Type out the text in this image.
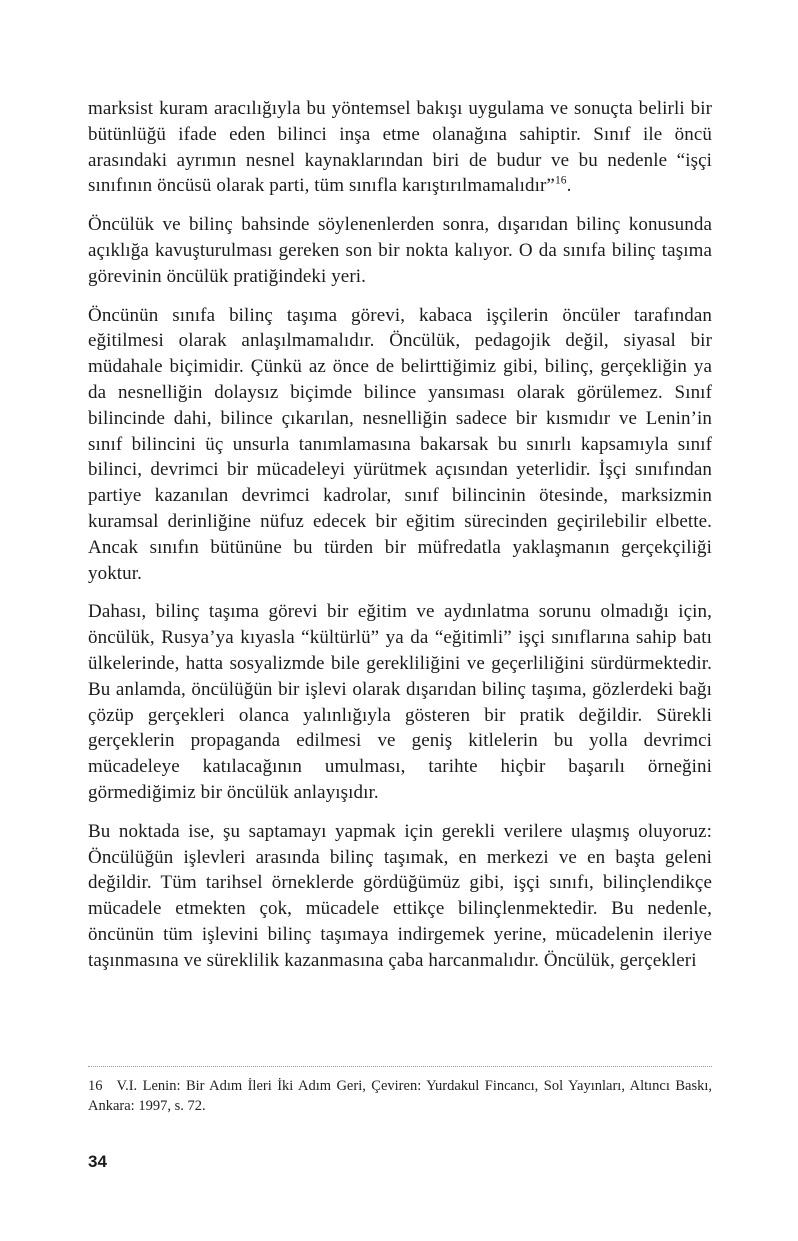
marksist kuram aracılığıyla bu yöntemsel bakışı uygulama ve sonuçta belirli bir bütünlüğü ifade eden bilinci inşa etme olanağına sahiptir. Sınıf ile öncü arasındaki ayrımın nesnel kaynaklarından biri de budur ve bu nedenle “işçi sınıfının öncüsü olarak parti, tüm sınıfla karıştırılmamalıdır”$^{16}$.

Öncülük ve bilinç bahsinde söylenenlerden sonra, dışarıdan bilinç konusunda açıklığa kavuşturulması gereken son bir nokta kalıyor. O da sınıfa bilinç taşıma görevinin öncülük pratiğindeki yeri.

Öncünün sınıfa bilinç taşıma görevi, kabaca işçilerin öncüler tarafından eğitilmesi olarak anlaşılmamalıdır. Öncülük, pedagojik değil, siyasal bir müdahale biçimidir. Çünkü az önce de belirttiğimiz gibi, bilinç, gerçekliğin ya da nesnelliğin dolaysız biçimde bilince yansıması olarak görülemez. Sınıf bilincinde dahi, bilince çıkarılan, nesnelliğin sadece bir kısmıdır ve Lenin’in sınıf bilincini üç unsurla tanımlamasına bakarsak bu sınırlı kapsamıyla sınıf bilinci, devrimci bir mücadeleyi yürütmek açısından yeterlidir. İşçi sınıfından partiye kazanılan devrimci kadrolar, sınıf bilincinin ötesinde, marksizmin kuramsal derinliğine nüfuz edecek bir eğitim sürecinden geçirilebilir elbette. Ancak sınıfın bütününe bu türden bir müfredatla yaklaşmanın gerçekçiliği yoktur.

Dahası, bilinç taşıma görevi bir eğitim ve aydınlatma sorunu olmadığı için, öncülük, Rusya’ya kıyasla “kültürlü” ya da “eğitimli” işçi sınıflarına sahip batı ülkelerinde, hatta sosyalizmde bile gerekliliğini ve geçerliliğini sürdürmektedir. Bu anlamda, öncülüğün bir işlevi olarak dışarıdan bilinç taşıma, gözlerdeki bağı çözüp gerçekleri olanca yalınlığıyla gösteren bir pratik değildir. Sürekli gerçeklerin propaganda edilmesi ve geniş kitlelerin bu yolla devrimci mücadeleye katılacağının umulması, tarihte hiçbir başarılı örneğini görmediğimiz bir öncülük anlayışıdır.

Bu noktada ise, şu saptamayı yapmak için gerekli verilere ulaşmış oluyoruz: Öncülüğün işlevleri arasında bilinç taşımak, en merkezi ve en başta geleni değildir. Tüm tarihsel örneklerde gördüğümüz gibi, işçi sınıfı, bilinçlendikçe mücadele etmekten çok, mücadele ettikçe bilinçlenmektedir. Bu nedenle, öncünün tüm işlevini bilinç taşımaya indirgemek yerine, mücadelenin ileriye taşınmasına ve süreklilik kazanmasına çaba harcanmalıdır. Öncülük, gerçekleri

16 V.I. Lenin: Bir Adım İleri İki Adım Geri, Çeviren: Yurdakul Fincancı, Sol Yayınları, Altıncı Baskı, Ankara: 1997, s. 72.
34
